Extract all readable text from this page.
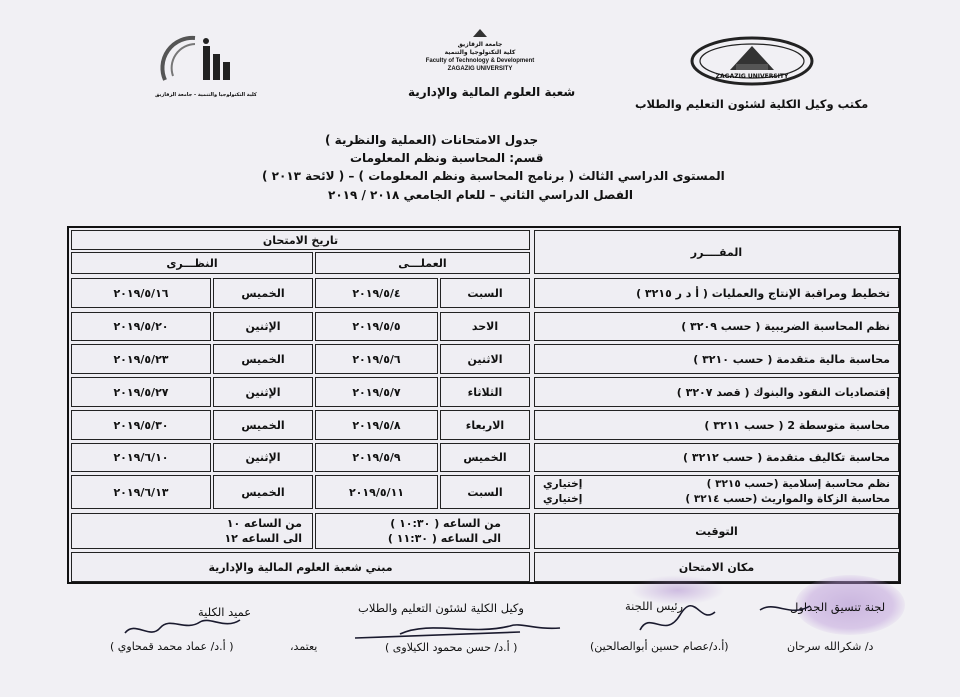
ZAGAZIG UNIVERSITY
مكتب وكيل الكلية لشئون التعليم والطلاب
جامعة الزقازيق
كلية التكنولوجيا والتنمية
Faculty of Technology & Development
ZAGAZIG UNIVERSITY
شعبة العلوم المالية والإدارية
كلية التكنولوجيا والتنمية - جامعة الزقازيق
جدول الامتحانات (العملية والنظرية )
قسم: المحاسبة ونظم المعلومات
المستوى الدراسي الثالث ( برنامج المحاسبة ونظم المعلومات ) – ( لائحة ٢٠١٣ )
الفصل الدراسي الثاني – للعام الجامعي ٢٠١٨ / ٢٠١٩
المقــــرر
تاريخ الامتحان
العملـــى
النظـــرى
تخطيط ومراقبة الإنتاج والعمليات ( أ د ر ٣٢١٥ )
السبت
٢٠١٩/٥/٤
الخميس
٢٠١٩/٥/١٦
نظم المحاسبة الضريبية ( حسب ٣٢٠٩ )
الاحد
٢٠١٩/٥/٥
الإثنين
٢٠١٩/٥/٢٠
محاسبة مالية متقدمة ( حسب ٣٢١٠ )
الاثنين
٢٠١٩/٥/٦
الخميس
٢٠١٩/٥/٢٣
إقتصاديات النقود والبنوك ( قصد ٣٢٠٧ )
الثلاثاء
٢٠١٩/٥/٧
الإثنين
٢٠١٩/٥/٢٧
محاسبة متوسطة 2 ( حسب ٣٢١١ )
الاربعاء
٢٠١٩/٥/٨
الخميس
٢٠١٩/٥/٣٠
محاسبة تكاليف متقدمة ( حسب ٣٢١٢ )
الخميس
٢٠١٩/٥/٩
الإثنين
٢٠١٩/٦/١٠
نظم محاسبة إسلامية (حسب ٣٢١٥ )
إختياري
محاسبة الزكاة والمواريث (حسب ٣٢١٤ )
إختياري
السبت
٢٠١٩/٥/١١
الخميس
٢٠١٩/٦/١٣
التوقيت
من الساعه ( ١٠:٣٠ )
الى الساعه ( ١١:٣٠ )
من الساعه ١٠
الى الساعه ١٢
مكان الامتحان
مبني شعبة العلوم المالية والإدارية
لجنة تنسيق الجداول
د/ شكرالله سرحان
رئيس اللجنة
(أ.د/عصام حسين أبوالصالحين)
وكيل الكلية لشئون التعليم والطلاب
( أ.د/ حسن محمود الكيلاوى )
يعتمد،
عميد الكلية
( أ.د/ عماد محمد قمحاوي )
